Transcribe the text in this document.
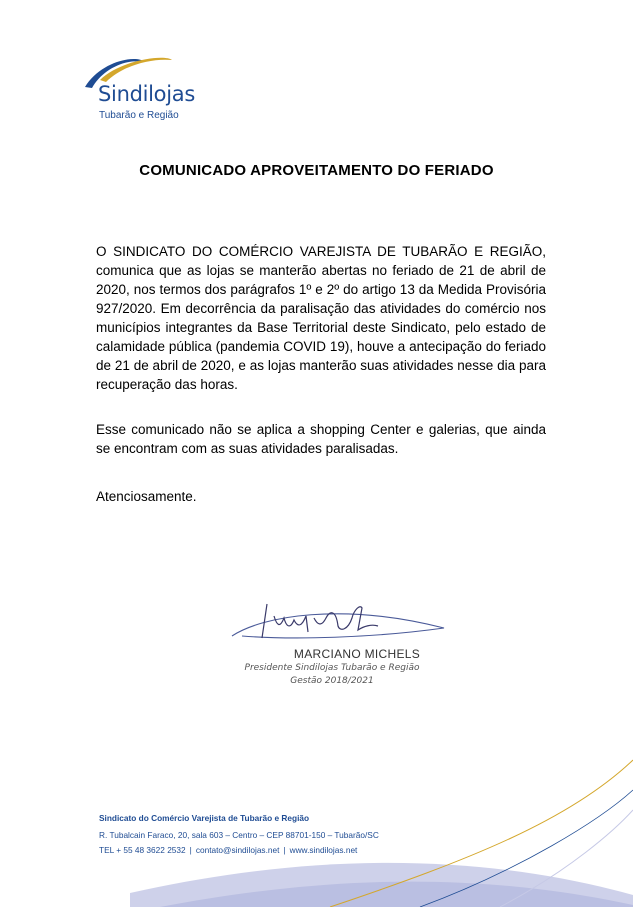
Sindilojas
Tubarão e Região
COMUNICADO APROVEITAMENTO DO FERIADO
O SINDICATO DO COMÉRCIO VAREJISTA DE TUBARÃO E REGIÃO, comunica que as lojas se manterão abertas no feriado de 21 de abril de 2020, nos termos dos parágrafos 1º e 2º do artigo 13 da Medida Provisória 927/2020. Em decorrência da paralisação das atividades do comércio nos municípios integrantes da Base Territorial deste Sindicato, pelo estado de calamidade pública (pandemia COVID 19), houve a antecipação do feriado de 21 de abril de 2020, e as lojas manterão suas atividades nesse dia para recuperação das horas.
Esse comunicado não se aplica a shopping Center e galerias, que ainda se encontram com as suas atividades paralisadas.
Atenciosamente.
MARCIANO MICHELS
Presidente Sindilojas Tubarão e Região
Gestão 2018/2021
Sindicato do Comércio Varejista de Tubarão e Região
R. Tubalcain Faraco, 20, sala 603 – Centro – CEP 88701-150 – Tubarão/SC
TEL + 55 48 3622 2532 | contato@sindilojas.net | www.sindilojas.net
